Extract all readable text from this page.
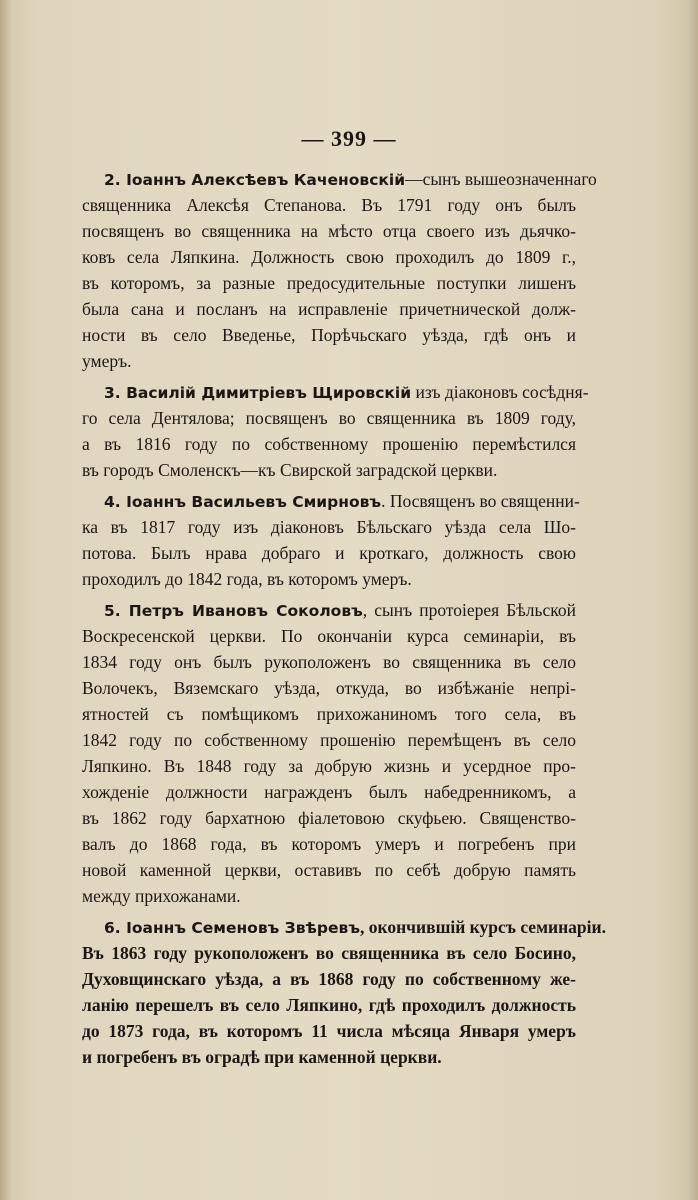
— 399 —
2. Іоаннъ Алексѣевъ Каченовскій—сынъ вышеозначеннаго
священника Алексѣя Степанова. Въ 1791 году онъ былъ
посвященъ во священника на мѣсто отца своего изъ дьячко-
ковъ села Ляпкина. Должность свою проходилъ до 1809 г.,
въ которомъ, за разные предосудительные поступки лишенъ
была сана и посланъ на исправленіе причетнической долж-
ности въ село Введенье, Порѣчьскаго уѣзда, гдѣ онъ и
умеръ.
3. Василій Димитріевъ Щировскій изъ діаконовъ сосѣдня-
го села Дентялова; посвященъ во священника въ 1809 году,
а въ 1816 году по собственному прошенію перемѣстился
въ городъ Смоленскъ—къ Свирской заградской церкви.
4. Іоаннъ Васильевъ Смирновъ. Посвященъ во священни-
ка въ 1817 году изъ діаконовъ Бѣльскаго уѣзда села Шо-
потова. Былъ нрава добраго и кроткаго, должность свою
проходилъ до 1842 года, въ которомъ умеръ.
5. Петръ Ивановъ Соколовъ, сынъ протоіерея Бѣльской
Воскресенской церкви. По окончаніи курса семинаріи, въ
1834 году онъ былъ рукоположенъ во священника въ село
Волочекъ, Вяземскаго уѣзда, откуда, во избѣжаніе непрі-
ятностей съ помѣщикомъ прихожаниномъ того села, въ
1842 году по собственному прошенію перемѣщенъ въ село
Ляпкино. Въ 1848 году за добрую жизнь и усердное про-
хожденіе должности награжденъ былъ набедренникомъ, а
въ 1862 году бархатною фіалетовою скуфьею. Священство-
валъ до 1868 года, въ которомъ умеръ и погребенъ при
новой каменной церкви, оставивъ по себѣ добрую память
между прихожанами.
6. Іоаннъ Семеновъ Звѣревъ, окончившій курсъ семинаріи.
Въ 1863 году рукоположенъ во священника въ село Босино,
Духовщинскаго уѣзда, а въ 1868 году по собственному же-
ланію перешелъ въ село Ляпкино, гдѣ проходилъ должность
до 1873 года, въ которомъ 11 числа мѣсяца Января умеръ
и погребенъ въ оградѣ при каменной церкви.
